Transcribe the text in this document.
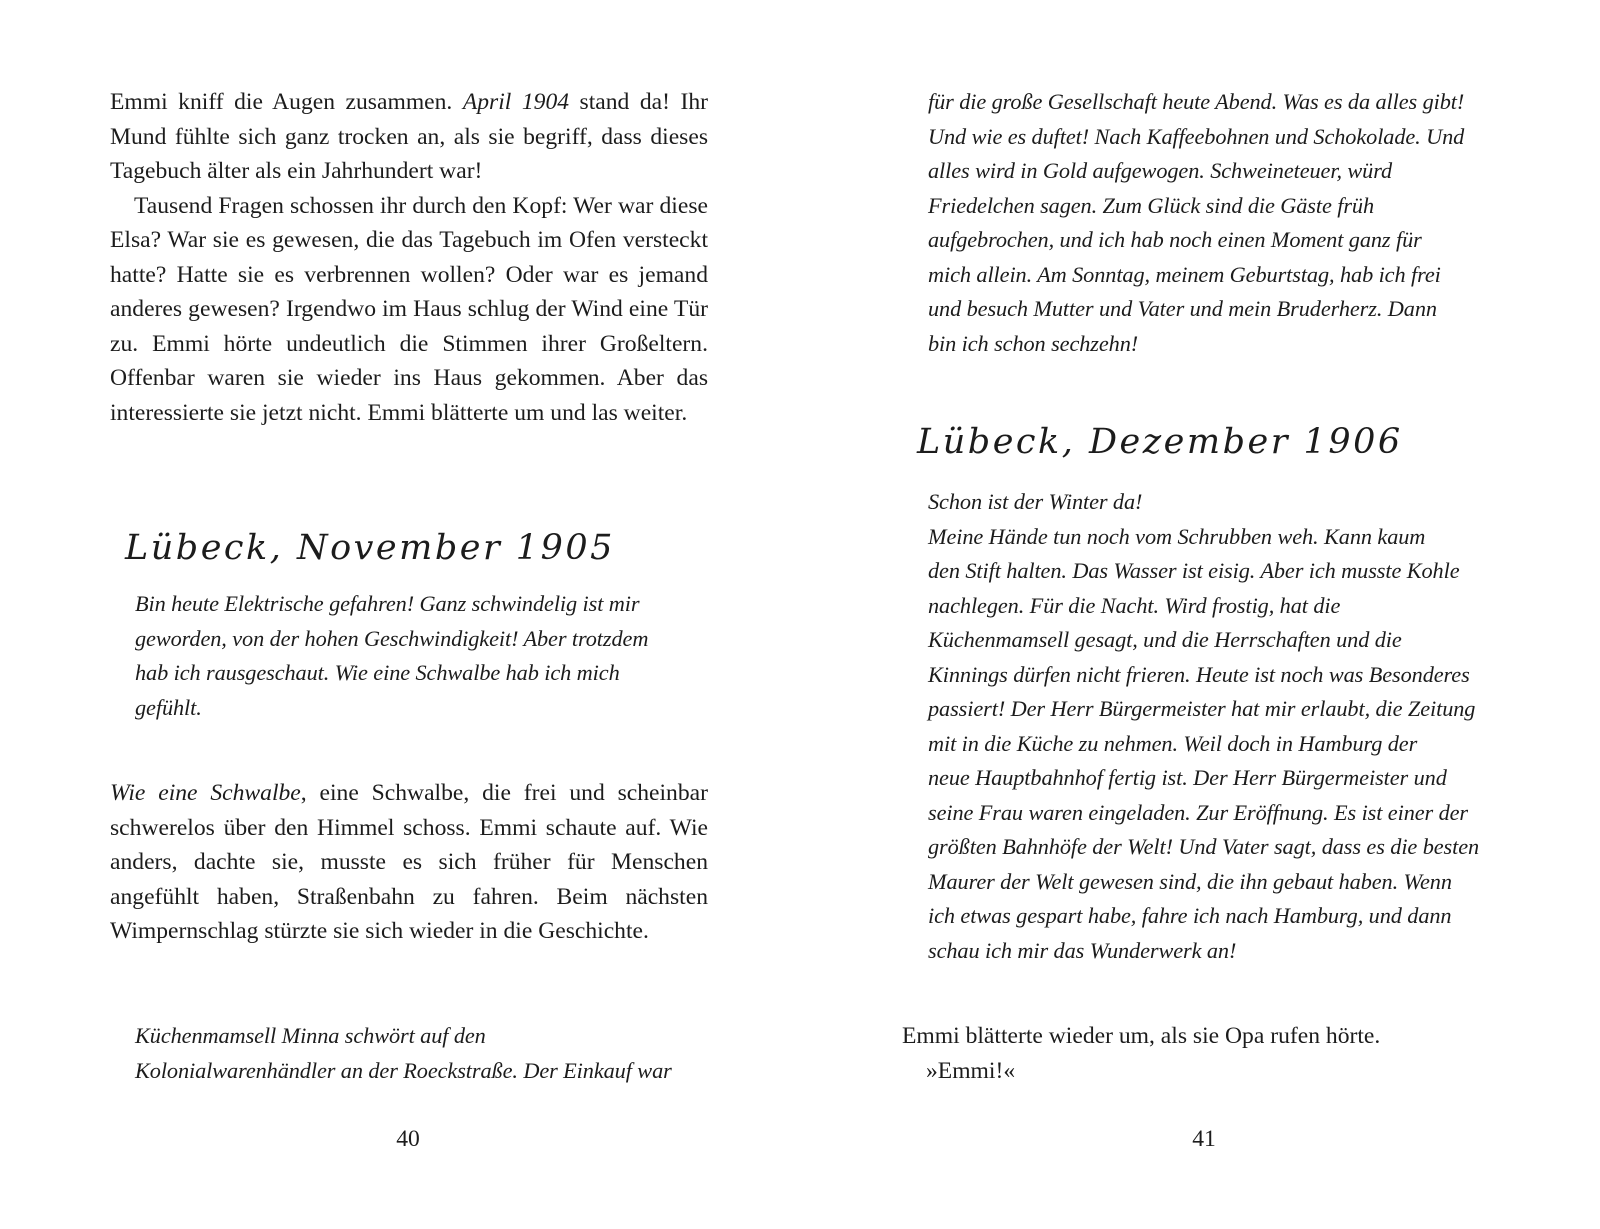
Emmi kniff die Augen zusammen. April 1904 stand da! Ihr Mund fühlte sich ganz trocken an, als sie begriff, dass dieses Tagebuch älter als ein Jahrhundert war!

Tausend Fragen schossen ihr durch den Kopf: Wer war diese Elsa? War sie es gewesen, die das Tagebuch im Ofen versteckt hatte? Hatte sie es verbrennen wollen? Oder war es jemand anderes gewesen? Irgendwo im Haus schlug der Wind eine Tür zu. Emmi hörte undeutlich die Stimmen ihrer Großeltern. Offenbar waren sie wieder ins Haus gekommen. Aber das interessierte sie jetzt nicht. Emmi blätterte um und las weiter.

Lübeck, November 1905
Bin heute Elektrische gefahren! Ganz schwindelig ist mir
geworden, von der hohen Geschwindigkeit! Aber trotzdem
hab ich rausgeschaut. Wie eine Schwalbe hab ich mich
gefühlt.

Wie eine Schwalbe, eine Schwalbe, die frei und scheinbar schwerelos über den Himmel schoss. Emmi schaute auf. Wie anders, dachte sie, musste es sich früher für Menschen angefühlt haben, Straßenbahn zu fahren. Beim nächsten Wimpernschlag stürzte sie sich wieder in die Geschichte.

Küchenmamsell Minna schwört auf den
Kolonialwarenhändler an der Roeckstraße. Der Einkauf war
40
für die große Gesellschaft heute Abend. Was es da alles gibt!
Und wie es duftet! Nach Kaffeebohnen und Schokolade. Und
alles wird in Gold aufgewogen. Schweineteuer, würd
Friedelchen sagen. Zum Glück sind die Gäste früh
aufgebrochen, und ich hab noch einen Moment ganz für
mich allein. Am Sonntag, meinem Geburtstag, hab ich frei
und besuch Mutter und Vater und mein Bruderherz. Dann
bin ich schon sechzehn!
Lübeck, Dezember 1906
Schon ist der Winter da!
Meine Hände tun noch vom Schrubben weh. Kann kaum
den Stift halten. Das Wasser ist eisig. Aber ich musste Kohle
nachlegen. Für die Nacht. Wird frostig, hat die
Küchenmamsell gesagt, und die Herrschaften und die
Kinnings dürfen nicht frieren. Heute ist noch was Besonderes
passiert! Der Herr Bürgermeister hat mir erlaubt, die Zeitung
mit in die Küche zu nehmen. Weil doch in Hamburg der
neue Hauptbahnhof fertig ist. Der Herr Bürgermeister und
seine Frau waren eingeladen. Zur Eröffnung. Es ist einer der
größten Bahnhöfe der Welt! Und Vater sagt, dass es die besten
Maurer der Welt gewesen sind, die ihn gebaut haben. Wenn
ich etwas gespart habe, fahre ich nach Hamburg, und dann
schau ich mir das Wunderwerk an!

Emmi blätterte wieder um, als sie Opa rufen hörte.

»Emmi!«

41
